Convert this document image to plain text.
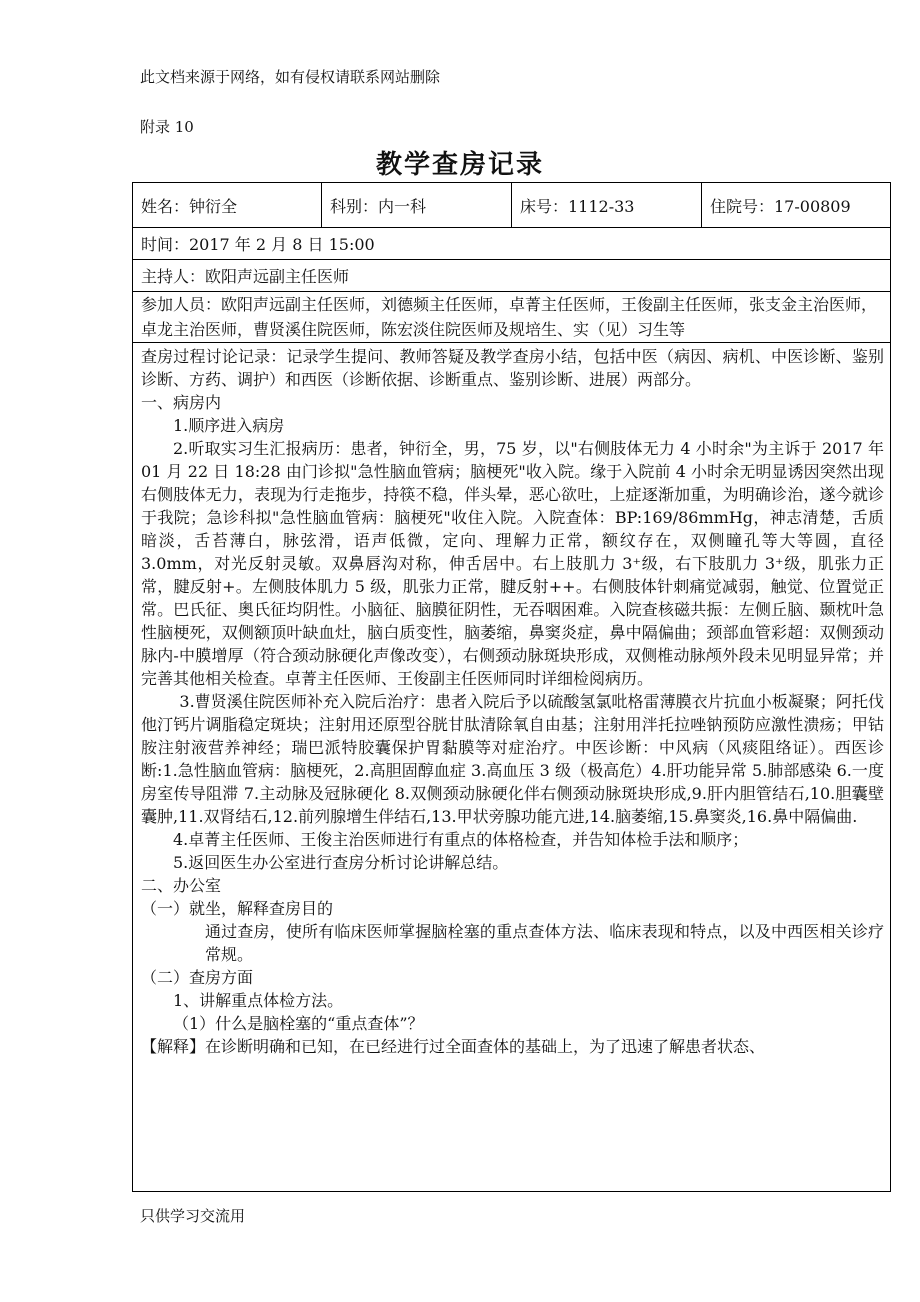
此文档来源于网络，如有侵权请联系网站删除
附录 10
教学查房记录
姓名：钟衍全	科别：内一科	床号：1112-33	住院号：17-00809
时间：2017 年 2 月 8 日 15:00
主持人：欧阳声远副主任医师
参加人员：欧阳声远副主任医师，刘德频主任医师，卓菁主任医师，王俊副主任医师，张支金主治医师，卓龙主治医师，曹贤溪住院医师，陈宏淡住院医师及规培生、实（见）习生等

查房过程讨论记录：记录学生提问、教师答疑及教学查房小结，包括中医（病因、病机、中医诊断、鉴别诊断、方药、调护）和西医（诊断依据、诊断重点、鉴别诊断、进展）两部分。

一、病房内

1.顺序进入病房

2.听取实习生汇报病历：患者，钟衍全，男，75 岁，以"右侧肢体无力 4 小时余"为主诉于 2017 年 01 月 22 日 18:28 由门诊拟"急性脑血管病；脑梗死"收入院。缘于入院前 4 小时余无明显诱因突然出现右侧肢体无力，表现为行走拖步，持筷不稳，伴头晕，恶心欲吐，上症逐渐加重，为明确诊治，遂今就诊于我院；急诊科拟"急性脑血管病：脑梗死"收住入院。入院查体：BP:169/86mmHg，神志清楚，舌质暗淡，舌苔薄白，脉弦滑，语声低微，定向、理解力正常，额纹存在，双侧瞳孔等大等圆，直径 3.0mm，对光反射灵敏。双鼻唇沟对称，伸舌居中。右上肢肌力 3⁺级，右下肢肌力 3⁺级，肌张力正常，腱反射+。左侧肢体肌力 5 级，肌张力正常，腱反射++。右侧肢体针刺痛觉减弱，触觉、位置觉正常。巴氏征、奥氏征均阴性。小脑征、脑膜征阴性，无吞咽困难。入院查核磁共振：左侧丘脑、颞枕叶急性脑梗死，双侧额顶叶缺血灶，脑白质变性，脑萎缩，鼻窦炎症，鼻中隔偏曲；颈部血管彩超：双侧颈动脉内-中膜增厚（符合颈动脉硬化声像改变），右侧颈动脉斑块形成，双侧椎动脉颅外段未见明显异常；并完善其他相关检查。卓菁主任医师、王俊副主任医师同时详细检阅病历。

3.曹贤溪住院医师补充入院后治疗：患者入院后予以硫酸氢氯吡格雷薄膜衣片抗血小板凝聚；阿托伐他汀钙片调脂稳定斑块；注射用还原型谷胱甘肽清除氧自由基；注射用泮托拉唑钠预防应激性溃疡；甲钴胺注射液营养神经；瑞巴派特胶囊保护胃黏膜等对症治疗。中医诊断：中风病（风痰阻络证）。西医诊断:1.急性脑血管病：脑梗死，2.高胆固醇血症 3.高血压 3 级（极高危）4.肝功能异常 5.肺部感染 6.一度房室传导阻滞 7.主动脉及冠脉硬化 8.双侧颈动脉硬化伴右侧颈动脉斑块形成,9.肝内胆管结石,10.胆囊壁囊肿,11.双肾结石,12.前列腺增生伴结石,13.甲状旁腺功能亢进,14.脑萎缩,15.鼻窦炎,16.鼻中隔偏曲.

4.卓菁主任医师、王俊主治医师进行有重点的体格检查，并告知体检手法和顺序；

5.返回医生办公室进行查房分析讨论讲解总结。

二、办公室

（一）就坐，解释查房目的

通过查房，使所有临床医师掌握脑栓塞的重点查体方法、临床表现和特点，以及中西医相关诊疗常规。

（二）查房方面

1、讲解重点体检方法。

（1）什么是脑栓塞的“重点查体”？

【解释】在诊断明确和已知，在已经进行过全面查体的基础上，为了迅速了解患者状态、

只供学习交流用
